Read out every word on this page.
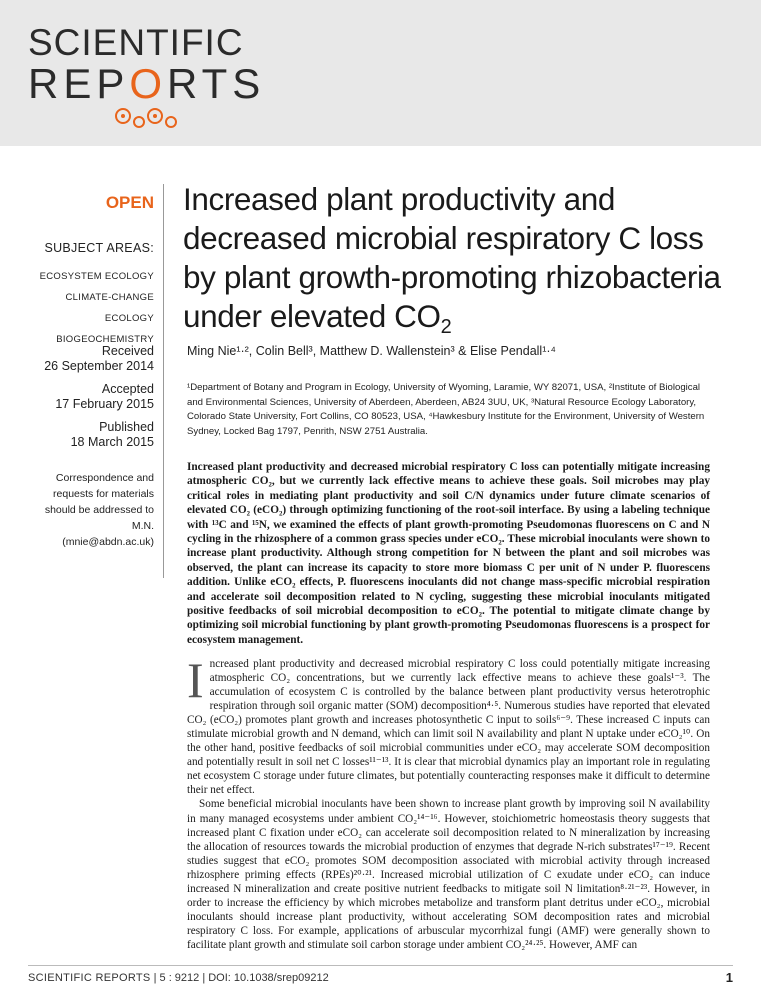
SCIENTIFIC
REPORTS
OPEN
SUBJECT AREAS:
ECOSYSTEM ECOLOGY
CLIMATE-CHANGE ECOLOGY
BIOGEOCHEMISTRY
Received
26 September 2014
Accepted
17 February 2015
Published
18 March 2015
Correspondence and requests for materials should be addressed to M.N. (mnie@abdn.ac.uk)
Increased plant productivity and decreased microbial respiratory C loss by plant growth-promoting rhizobacteria under elevated $CO_2$
Ming Nie¹·², Colin Bell³, Matthew D. Wallenstein³ & Elise Pendall¹·⁴
¹Department of Botany and Program in Ecology, University of Wyoming, Laramie, WY 82071, USA, ²Institute of Biological and Environmental Sciences, University of Aberdeen, Aberdeen, AB24 3UU, UK, ³Natural Resource Ecology Laboratory, Colorado State University, Fort Collins, CO 80523, USA, ⁴Hawkesbury Institute for the Environment, University of Western Sydney, Locked Bag 1797, Penrith, NSW 2751 Australia.
Increased plant productivity and decreased microbial respiratory C loss can potentially mitigate increasing atmospheric CO₂, but we currently lack effective means to achieve these goals. Soil microbes may play critical roles in mediating plant productivity and soil C/N dynamics under future climate scenarios of elevated CO₂ (eCO₂) through optimizing functioning of the root-soil interface. By using a labeling technique with ¹³C and ¹⁵N, we examined the effects of plant growth-promoting Pseudomonas fluorescens on C and N cycling in the rhizosphere of a common grass species under eCO₂. These microbial inoculants were shown to increase plant productivity. Although strong competition for N between the plant and soil microbes was observed, the plant can increase its capacity to store more biomass C per unit of N under P. fluorescens addition. Unlike eCO₂ effects, P. fluorescens inoculants did not change mass-specific microbial respiration and accelerate soil decomposition related to N cycling, suggesting these microbial inoculants mitigated positive feedbacks of soil microbial decomposition to eCO₂. The potential to mitigate climate change by optimizing soil microbial functioning by plant growth-promoting Pseudomonas fluorescens is a prospect for ecosystem management.

Increased plant productivity and decreased microbial respiratory C loss could potentially mitigate increasing atmospheric CO₂ concentrations, but we currently lack effective means to achieve these goals¹⁻³. The accumulation of ecosystem C is controlled by the balance between plant productivity versus heterotrophic respiration through soil organic matter (SOM) decomposition⁴·⁵. Numerous studies have reported that elevated CO₂ (eCO₂) promotes plant growth and increases photosynthetic C input to soils⁶⁻⁹. These increased C inputs can stimulate microbial growth and N demand, which can limit soil N availability and plant N uptake under eCO₂¹⁰. On the other hand, positive feedbacks of soil microbial communities under eCO₂ may accelerate SOM decomposition and potentially result in soil net C losses¹¹⁻¹³. It is clear that microbial dynamics play an important role in regulating net ecosystem C storage under future climates, but potentially counteracting responses make it difficult to determine their net effect.

Some beneficial microbial inoculants have been shown to increase plant growth by improving soil N availability in many managed ecosystems under ambient CO₂¹⁴⁻¹⁶. However, stoichiometric homeostasis theory suggests that increased plant C fixation under eCO₂ can accelerate soil decomposition related to N mineralization by increasing the allocation of resources towards the microbial production of enzymes that degrade N-rich substrates¹⁷⁻¹⁹. Recent studies suggest that eCO₂ promotes SOM decomposition associated with microbial activity through increased rhizosphere priming effects (RPEs)²⁰·²¹. Increased microbial utilization of C exudate under eCO₂ can induce increased N mineralization and create positive nutrient feedbacks to mitigate soil N limitation⁸·²¹⁻²³. However, in order to increase the efficiency by which microbes metabolize and transform plant detritus under eCO₂, microbial inoculants should increase plant productivity, without accelerating SOM decomposition rates and microbial respiratory C loss. For example, applications of arbuscular mycorrhizal fungi (AMF) were generally shown to facilitate plant growth and stimulate soil carbon storage under ambient CO₂²⁴·²⁵. However, AMF can

SCIENTIFIC REPORTS | 5 : 9212 | DOI: 10.1038/srep09212	1
